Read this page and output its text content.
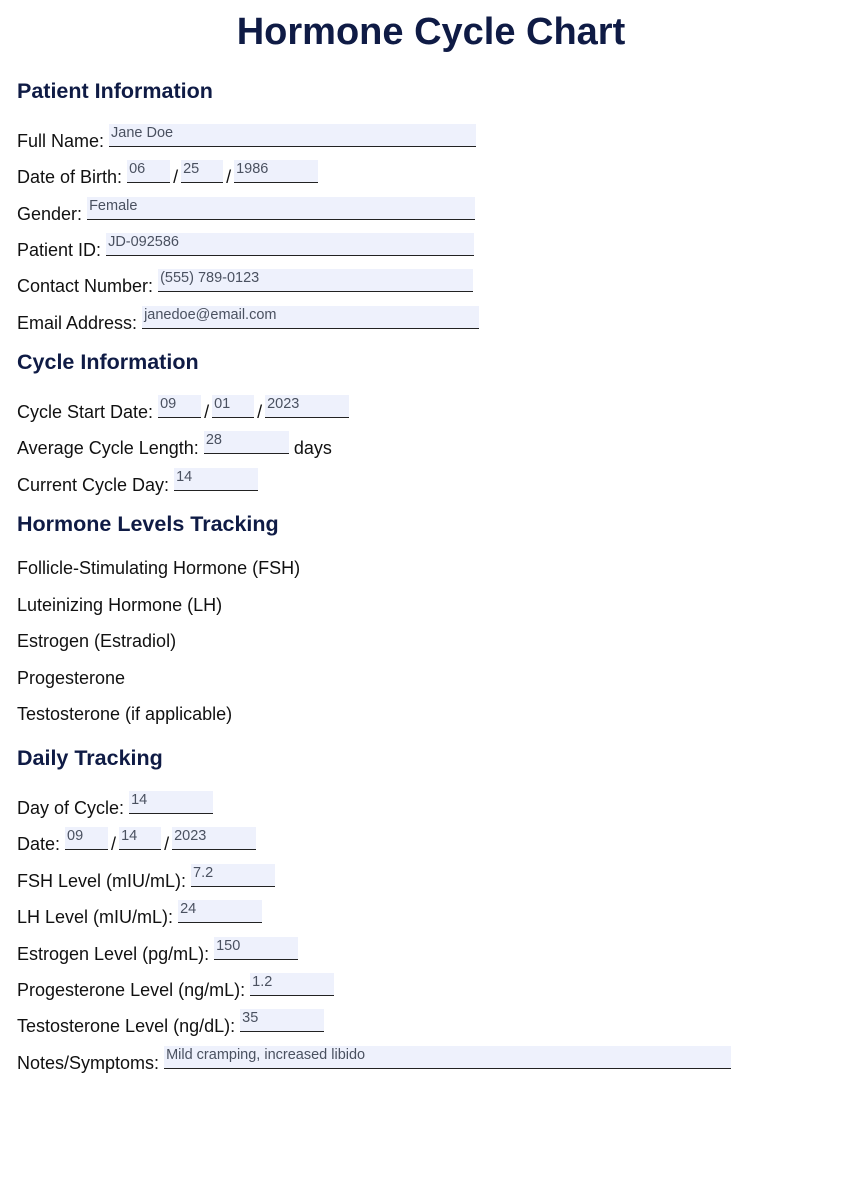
Hormone Cycle Chart
Patient Information
Full Name: Jane Doe
Date of Birth: 06 / 25 / 1986
Gender: Female
Patient ID: JD-092586
Contact Number: (555) 789-0123
Email Address: janedoe@email.com
Cycle Information
Cycle Start Date: 09 / 01 / 2023
Average Cycle Length: 28	days
Current Cycle Day: 14
Hormone Levels Tracking
Follicle-Stimulating Hormone (FSH)
Luteinizing Hormone (LH)
Estrogen (Estradiol)
Progesterone
Testosterone (if applicable)
Daily Tracking
Day of Cycle: 14
Date: 09 / 14 / 2023
FSH Level (mIU/mL): 7.2
LH Level (mIU/mL): 24
Estrogen Level (pg/mL): 150
Progesterone Level (ng/mL): 1.2
Testosterone Level (ng/dL): 35
Notes/Symptoms: Mild cramping, increased libido
